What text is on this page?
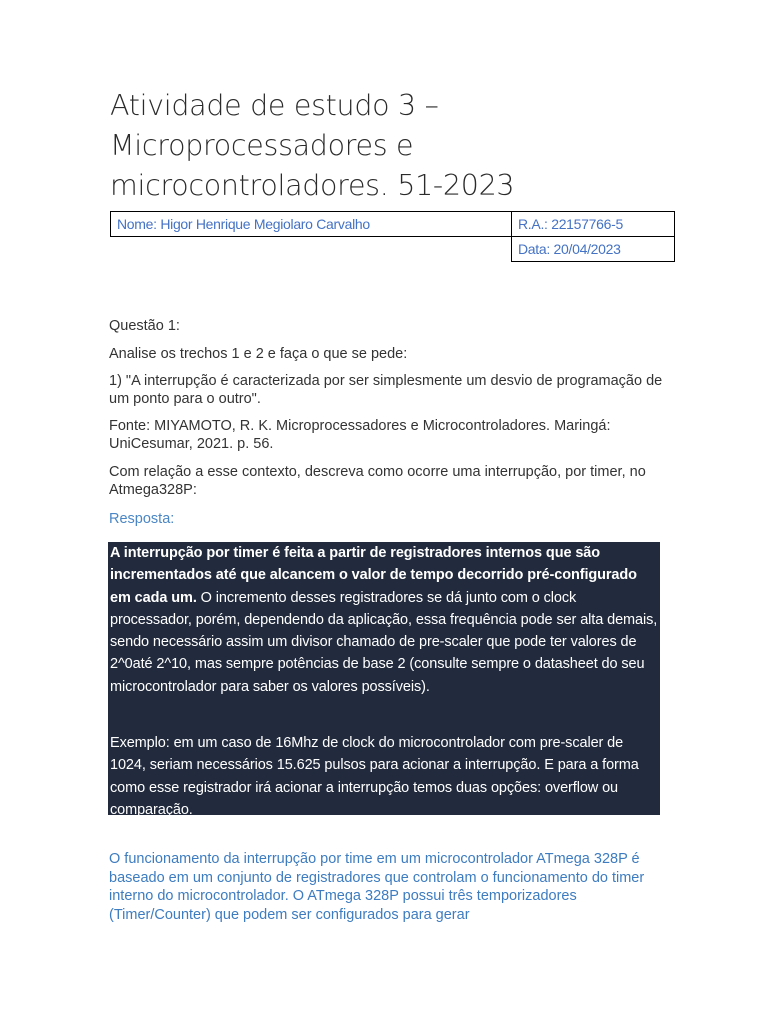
Atividade de estudo 3 –
Microprocessadores e
microcontroladores. 51-2023
Nome: Higor Henrique Megiolaro Carvalho	R.A.: 22157766-5
	Data: 20/04/2023
Questão 1:
Analise os trechos 1 e 2 e faça o que se pede:
1) "A interrupção é caracterizada por ser simplesmente um desvio de programação de um ponto para o outro".
Fonte: MIYAMOTO, R. K. Microprocessadores e Microcontroladores. Maringá: UniCesumar, 2021. p. 56.
Com relação a esse contexto, descreva como ocorre uma interrupção, por timer, no Atmega328P:
Resposta:

A interrupção por timer é feita a partir de registradores internos que são incrementados até que alcancem o valor de tempo decorrido pré-configurado em cada um. O incremento desses registradores se dá junto com o clock processador, porém, dependendo da aplicação, essa frequência pode ser alta demais, sendo necessário assim um divisor chamado de pre-scaler que pode ter valores de 2^0até 2^10, mas sempre potências de base 2 (consulte sempre o datasheet do seu microcontrolador para saber os valores possíveis).

Exemplo: em um caso de 16Mhz de clock do microcontrolador com pre-scaler de 1024, seriam necessários 15.625 pulsos para acionar a interrupção. E para a forma como esse registrador irá acionar a interrupção temos duas opções: overflow ou comparação.

O funcionamento da interrupção por time em um microcontrolador ATmega 328P é baseado em um conjunto de registradores que controlam o funcionamento do timer interno do microcontrolador. O ATmega 328P possui três temporizadores (Timer/Counter) que podem ser configurados para gerar
